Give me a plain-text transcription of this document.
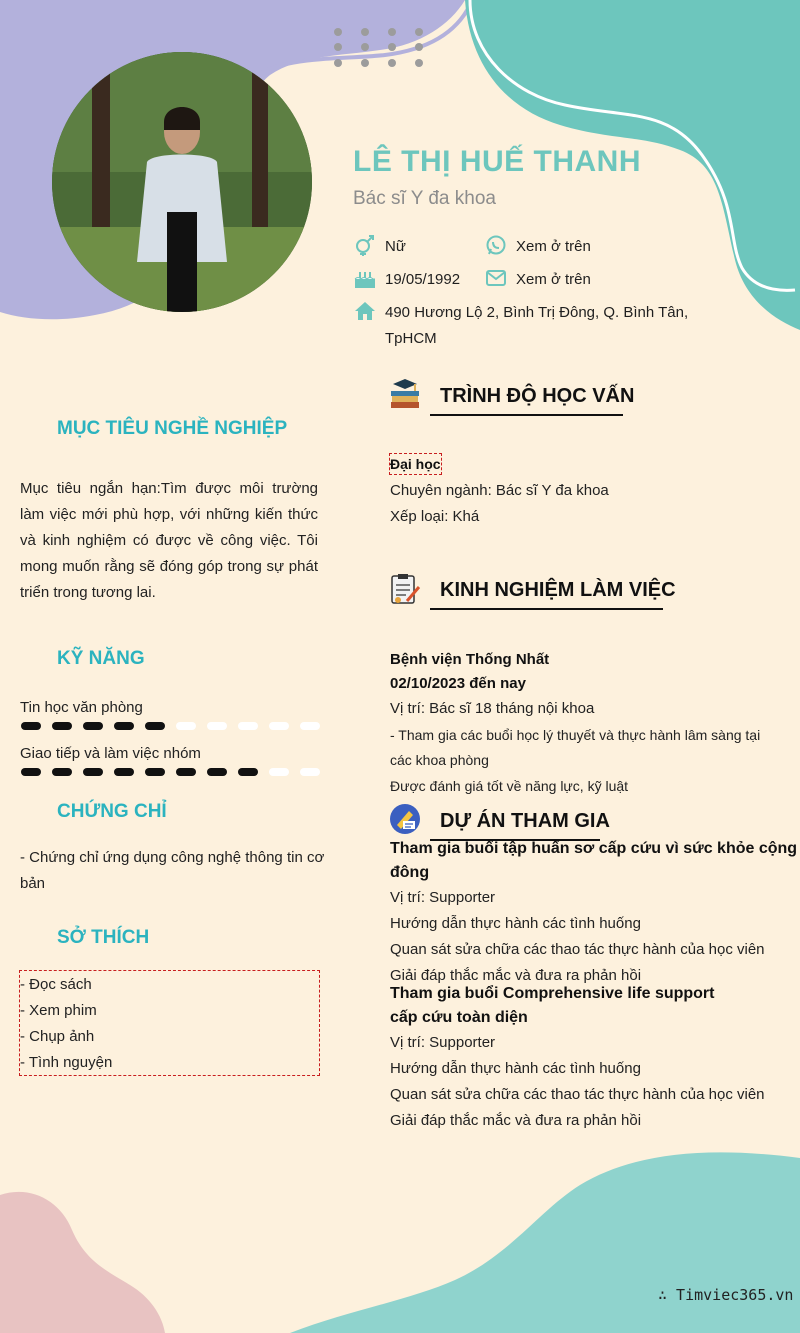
LÊ THỊ HUẾ THANH
Bác sĩ Y đa khoa
Nữ	Xem ở trên
19/05/1992	Xem ở trên
490 Hương Lộ 2, Bình Trị Đông, Q. Bình Tân,
TpHCM
MỤC TIÊU NGHỀ NGHIỆP
Mục tiêu ngắn hạn:Tìm được môi trường làm việc mới phù hợp, với những kiến thức và kinh nghiệm có được về công việc. Tôi mong muốn rằng sẽ đóng góp trong sự phát triển trong tương lai.
KỸ NĂNG
Tin học văn phòng
Giao tiếp và làm việc nhóm
CHỨNG CHỈ
- Chứng chỉ ứng dụng công nghệ thông tin cơ
bản
SỞ THÍCH
- Đọc sách
- Xem phim
- Chụp ảnh
- Tình nguyện
TRÌNH ĐỘ HỌC VẤN
Đại học
Chuyên ngành: Bác sĩ Y đa khoa
Xếp loại: Khá
KINH NGHIỆM LÀM VIỆC
Bệnh viện Thống Nhất
02/10/2023 đến nay
Vị trí: Bác sĩ 18 tháng nội khoa
- Tham gia các buổi học lý thuyết và thực hành lâm sàng tại
các khoa phòng
Được đánh giá tốt về năng lực, kỹ luật
DỰ ÁN THAM GIA
Tham gia buổi tập huấn sơ cấp cứu vì sức khỏe cộng
đông
Vị trí: Supporter
Hướng dẫn thực hành các tình huống
Quan sát sửa chữa các thao tác thực hành của học viên
Giải đáp thắc mắc và đưa ra phản hồi
Tham gia buổi Comprehensive life support
cấp cứu toàn diện
Vị trí: Supporter
Hướng dẫn thực hành các tình huống
Quan sát sửa chữa các thao tác thực hành của học viên
Giải đáp thắc mắc và đưa ra phản hồi
∴ Timviec365.vn
